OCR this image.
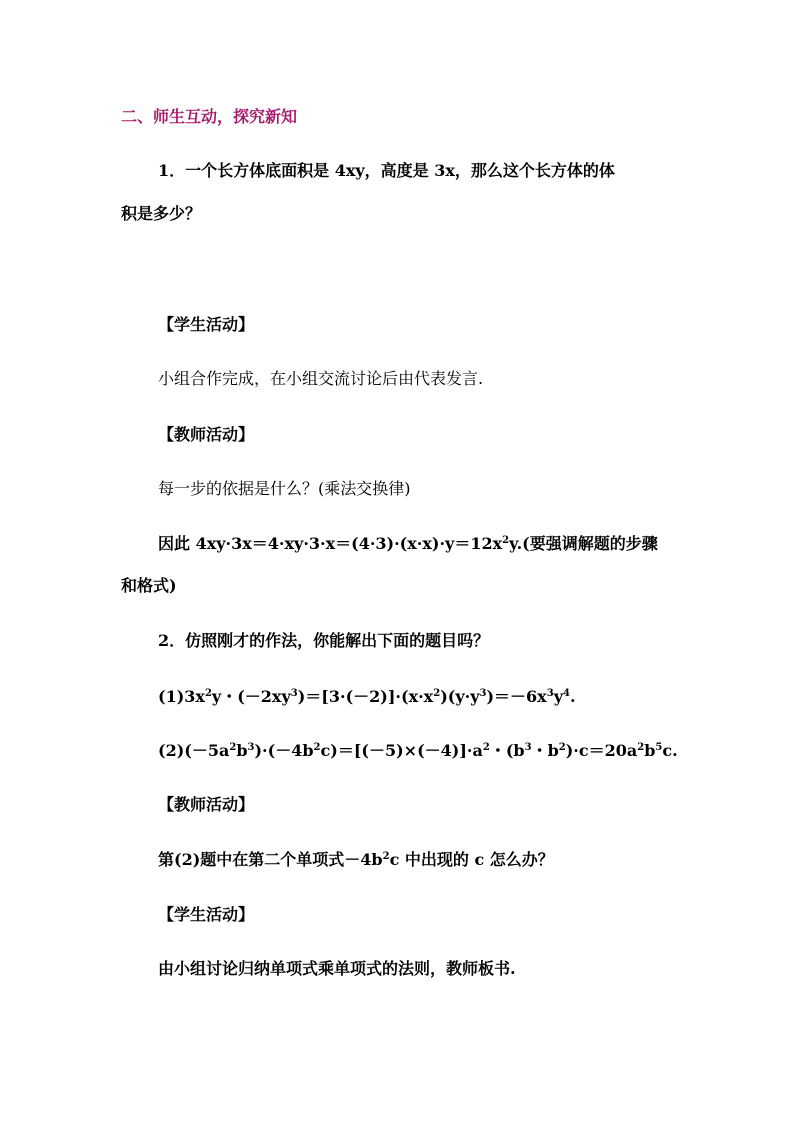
二、师生互动，探究新知
1．一个长方体底面积是 4xy，高度是 3x，那么这个长方体的体
积是多少？
【学生活动】
小组合作完成，在小组交流讨论后由代表发言.
【教师活动】
每一步的依据是什么？(乘法交换律)
因此 $4xy\cdot 3x=4\cdot xy\cdot 3\cdot x=(4\cdot 3)\cdot(x\cdot x)\cdot y=12x^2y$.(要强调解题的步骤
和格式)
2．仿照刚才的作法，你能解出下面的题目吗？
$(1)3x^2y$・$(-2xy^3)=[3\cdot(-2)]\cdot(x\cdot x^2)(y\cdot y^3)=-6x^3y^4$.
$(2)(-5a^2b^3)\cdot(-4b^2c)=[(-5)\times(-4)]\cdot a^2$・($b^3$・$b^2)\cdot c=20a^2b^5c$.
【教师活动】
第(2)题中在第二个单项式$-4b^2c$ 中出现的 c 怎么办？
【学生活动】
由小组讨论归纳单项式乘单项式的法则，教师板书.
